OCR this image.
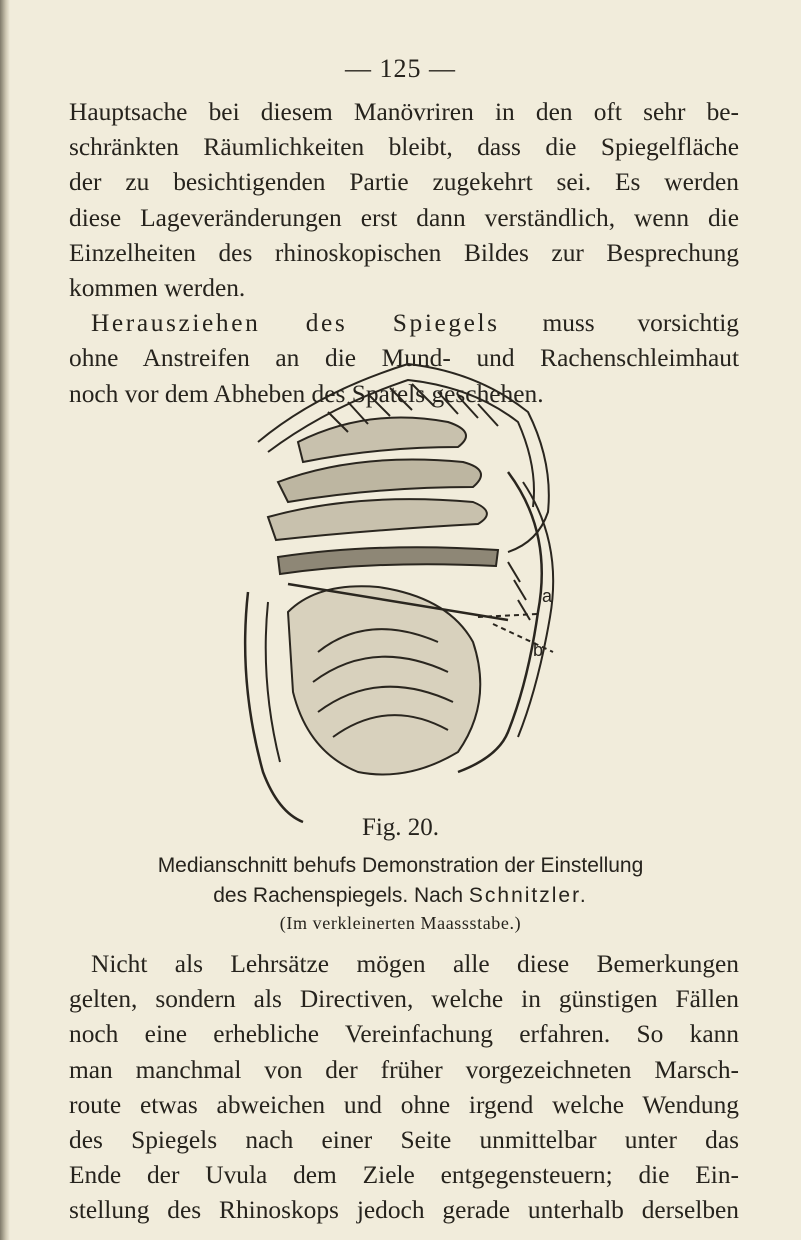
— 125 —
Hauptsache bei diesem Manövriren in den oft sehr be-
schränkten Räumlichkeiten bleibt, dass die Spiegelfläche
der zu besichtigenden Partie zugekehrt sei. Es werden
diese Lageveränderungen erst dann verständlich, wenn die
Einzelheiten des rhinoskopischen Bildes zur Besprechung
kommen werden.
Herausziehen des Spiegels muss vorsichtig
ohne Anstreifen an die Mund- und Rachenschleimhaut
noch vor dem Abheben des Spatels geschehen.
a
b
Fig. 20.
Medianschnitt behufs Demonstration der Einstellung
des Rachenspiegels. Nach Schnitzler.
(Im verkleinerten Maassstabe.)
Nicht als Lehrsätze mögen alle diese Bemerkungen
gelten, sondern als Directiven, welche in günstigen Fällen
noch eine erhebliche Vereinfachung erfahren. So kann
man manchmal von der früher vorgezeichneten Marsch-
route etwas abweichen und ohne irgend welche Wendung
des Spiegels nach einer Seite unmittelbar unter das
Ende der Uvula dem Ziele entgegensteuern; die Ein-
stellung des Rhinoskops jedoch gerade unterhalb derselben
